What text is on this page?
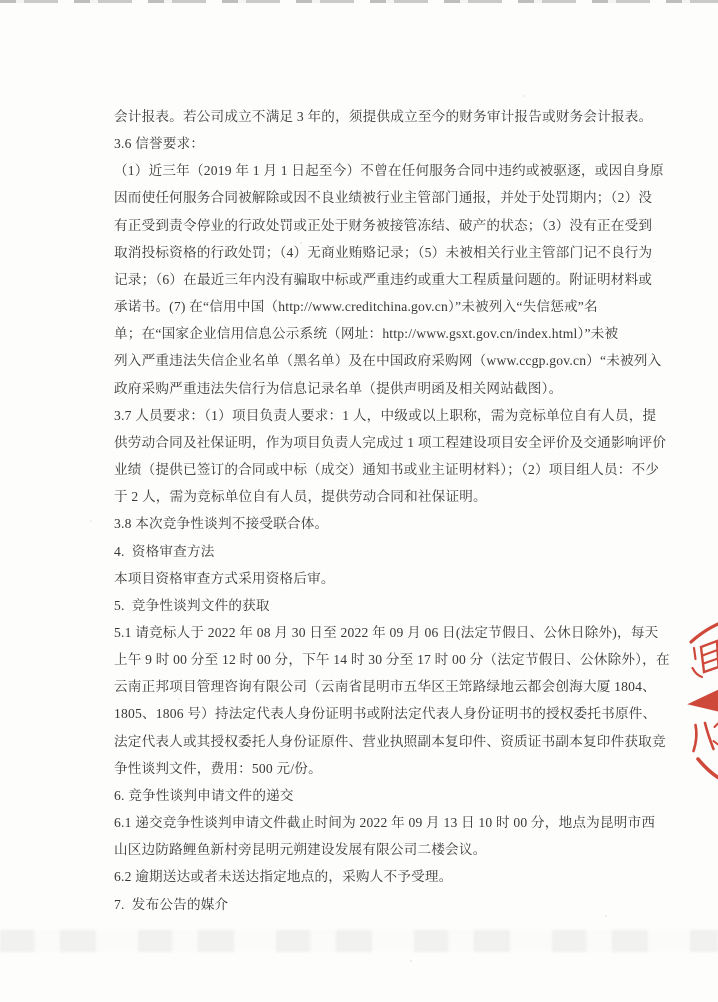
会计报表。若公司成立不满足 3 年的，须提供成立至今的财务审计报告或财务会计报表。
3.6 信誉要求：
（1）近三年（2019 年 1 月 1 日起至今）不曾在任何服务合同中违约或被驱逐，或因自身原
因而使任何服务合同被解除或因不良业绩被行业主管部门通报，并处于处罚期内；（2）没
有正受到责令停业的行政处罚或正处于财务被接管冻结、破产的状态；（3）没有正在受到
取消投标资格的行政处罚；（4）无商业贿赂记录；（5）未被相关行业主管部门记不良行为
记录；（6）在最近三年内没有骗取中标或严重违约或重大工程质量问题的。附证明材料或
承诺书。(7) 在“信用中国（http://www.creditchina.gov.cn）”未被列入“失信惩戒”名
单；在“国家企业信用信息公示系统（网址：http://www.gsxt.gov.cn/index.html）”未被
列入严重违法失信企业名单（黑名单）及在中国政府采购网（www.ccgp.gov.cn）“未被列入
政府采购严重违法失信行为信息记录名单（提供声明函及相关网站截图）。
3.7 人员要求：（1）项目负责人要求：1 人，中级或以上职称，需为竞标单位自有人员，提
供劳动合同及社保证明，作为项目负责人完成过 1 项工程建设项目安全评价及交通影响评价
业绩（提供已签订的合同或中标（成交）通知书或业主证明材料）；（2）项目组人员：不少
于 2 人，需为竞标单位自有人员，提供劳动合同和社保证明。
3.8 本次竞争性谈判不接受联合体。
4.  资格审查方法
本项目资格审查方式采用资格后审。
5.  竞争性谈判文件的获取
5.1 请竞标人于 2022 年 08 月 30 日至 2022 年 09 月 06 日(法定节假日、公休日除外)，每天
上午 9 时 00 分至 12 时 00 分，下午 14 时 30 分至 17 时 00 分（法定节假日、公休除外），在
云南正邦项目管理咨询有限公司（云南省昆明市五华区王筇路绿地云都会创海大厦 1804、
1805、1806 号）持法定代表人身份证明书或附法定代表人身份证明书的授权委托书原件、
法定代表人或其授权委托人身份证原件、营业执照副本复印件、资质证书副本复印件获取竞
争性谈判文件，费用：500 元/份。
6. 竞争性谈判申请文件的递交
6.1 递交竞争性谈判申请文件截止时间为 2022 年 09 月 13 日 10 时 00 分，地点为昆明市西
山区边防路鲤鱼新村旁昆明元朔建设发展有限公司二楼会议。
6.2 逾期送达或者未送达指定地点的，采购人不予受理。
7.  发布公告的媒介
